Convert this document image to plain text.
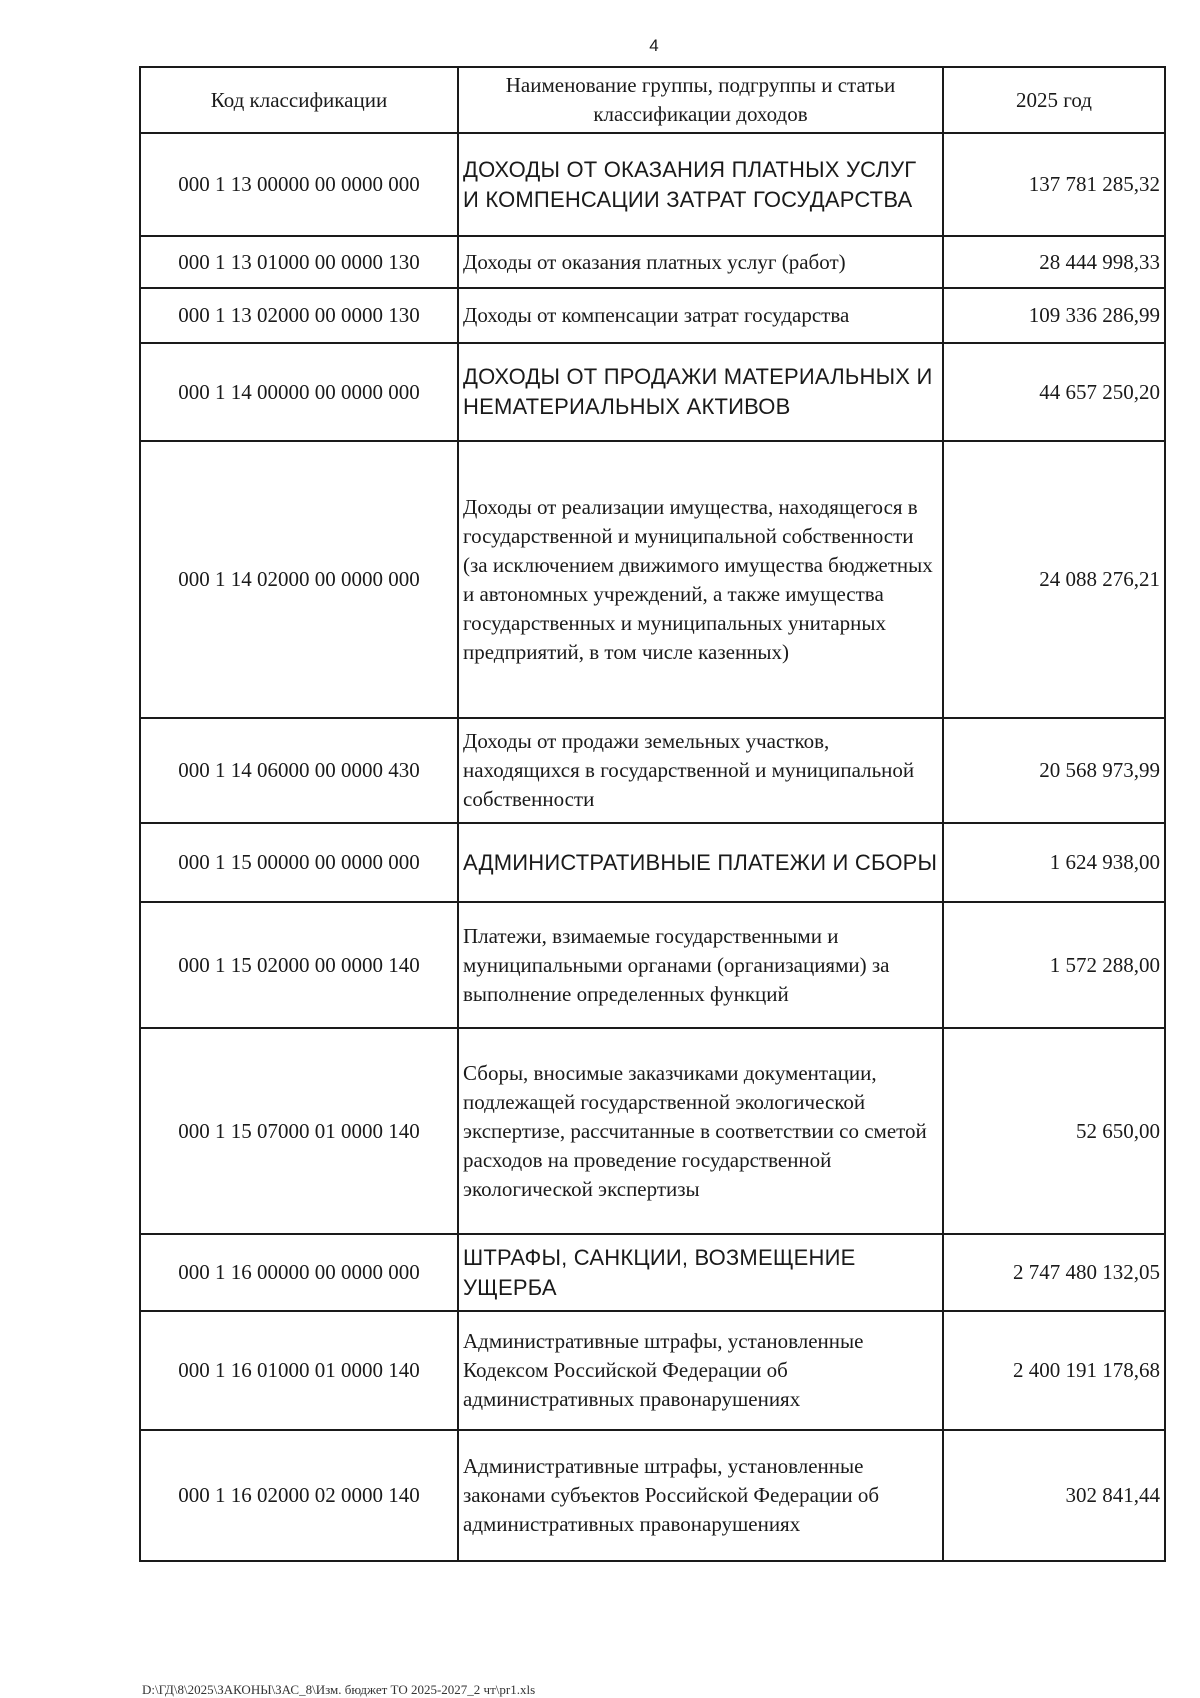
4
Код классификации	Наименование группы, подгруппы и статьи классификации доходов	2025 год
000 1 13 00000 00 0000 000	ДОХОДЫ ОТ ОКАЗАНИЯ ПЛАТНЫХ УСЛУГ И КОМПЕНСАЦИИ ЗАТРАТ ГОСУДАРСТВА	137 781 285,32
000 1 13 01000 00 0000 130	Доходы от оказания платных услуг (работ)	28 444 998,33
000 1 13 02000 00 0000 130	Доходы от компенсации затрат государства	109 336 286,99
000 1 14 00000 00 0000 000	ДОХОДЫ ОТ ПРОДАЖИ МАТЕРИАЛЬНЫХ И НЕМАТЕРИАЛЬНЫХ АКТИВОВ	44 657 250,20
000 1 14 02000 00 0000 000	Доходы от реализации имущества, находящегося в государственной и муниципальной собственности (за исключением движимого имущества бюджетных и автономных учреждений, а также имущества государственных и муниципальных унитарных предприятий, в том числе казенных)	24 088 276,21
000 1 14 06000 00 0000 430	Доходы от продажи земельных участков, находящихся в государственной и муниципальной собственности	20 568 973,99
000 1 15 00000 00 0000 000	АДМИНИСТРАТИВНЫЕ ПЛАТЕЖИ И СБОРЫ	1 624 938,00
000 1 15 02000 00 0000 140	Платежи, взимаемые государственными и муниципальными органами (организациями) за выполнение определенных функций	1 572 288,00
000 1 15 07000 01 0000 140	Сборы, вносимые заказчиками документации, подлежащей государственной экологической экспертизе, рассчитанные в соответствии со сметой расходов на проведение государственной экологической экспертизы	52 650,00
000 1 16 00000 00 0000 000	ШТРАФЫ, САНКЦИИ, ВОЗМЕЩЕНИЕ УЩЕРБА	2 747 480 132,05
000 1 16 01000 01 0000 140	Административные штрафы, установленные Кодексом Российской Федерации об административных правонарушениях	2 400 191 178,68
000 1 16 02000 02 0000 140	Административные штрафы, установленные законами субъектов Российской Федерации об административных правонарушениях	302 841,44
D:\ГД\8\2025\ЗАКОНЫ\ЗАС_8\Изм. бюджет ТО 2025-2027_2 чт\pr1.xls
